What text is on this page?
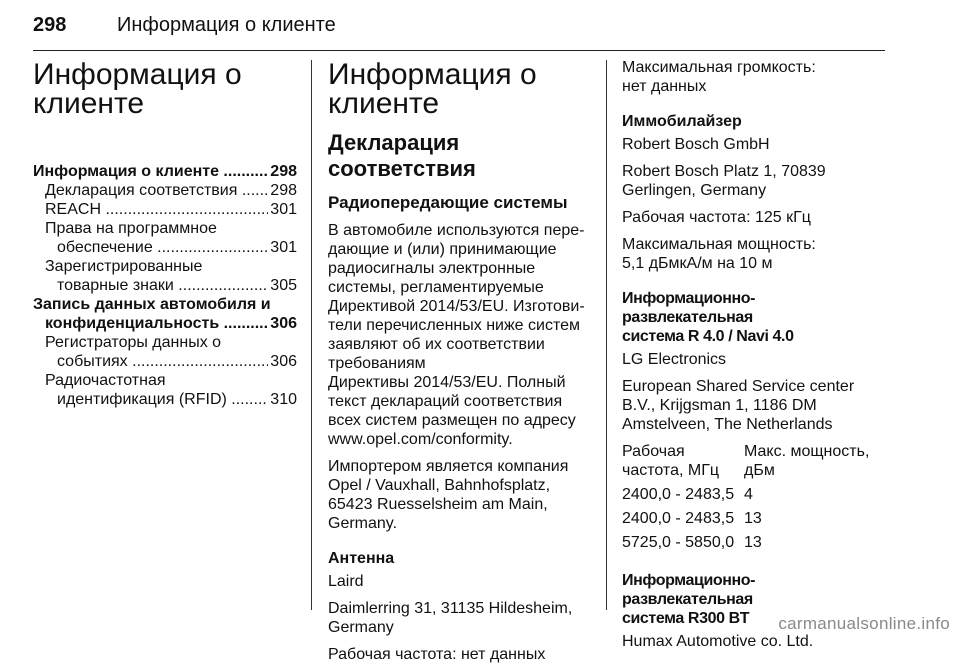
298	Информация о клиенте
Информация о клиенте
Информация о клиенте .....	298
Декларация соответствия .....	298
REACH .....	301
Права на программное
обеспечение .....	301
Зарегистрированные
товарные знаки .....	305
Запись данных автомобиля и
конфиденциальность .....	306
Регистраторы данных о
событиях .....	306
Радиочастотная
идентификация (RFID) .....	310
Информация о клиенте
Декларация соответствия
Радиопередающие системы

В автомобиле используются пере-
дающие и (или) принимающие
радиосигналы электронные
системы, регламентируемые
Директивой 2014/53/EU. Изготови-
тели перечисленных ниже систем
заявляют об их соответствии
требованиям
Директивы 2014/53/EU. Полный
текст деклараций соответствия
всех систем размещен по адресу
www.opel.com/conformity.

Импортером является компания
Opel / Vauxhall, Bahnhofsplatz,
65423 Ruesselsheim am Main,
Germany.

Антенна

Laird

Daimlerring 31, 31135 Hildesheim,
Germany

Рабочая частота: нет данных

Максимальная громкость:
нет данных

Иммобилайзер

Robert Bosch GmbH

Robert Bosch Platz 1, 70839
Gerlingen, Germany

Рабочая частота: 125 кГц

Максимальная мощность:
5,1 дБмкА/м на 10 м

Информационно-развлекательная
система R 4.0 / Navi 4.0

LG Electronics

European Shared Service center
B.V., Krijgsman 1, 1186 DM
Amstelveen, The Netherlands

Рабочая
частота, МГц	Макс. мощность,
дБм
2400,0 - 2483,5	4
2400,0 - 2483,5	13
5725,0 - 5850,0	13
Информационно-развлекательная
система R300 BT

Humax Automotive co. Ltd.

carmanualsonline.info
